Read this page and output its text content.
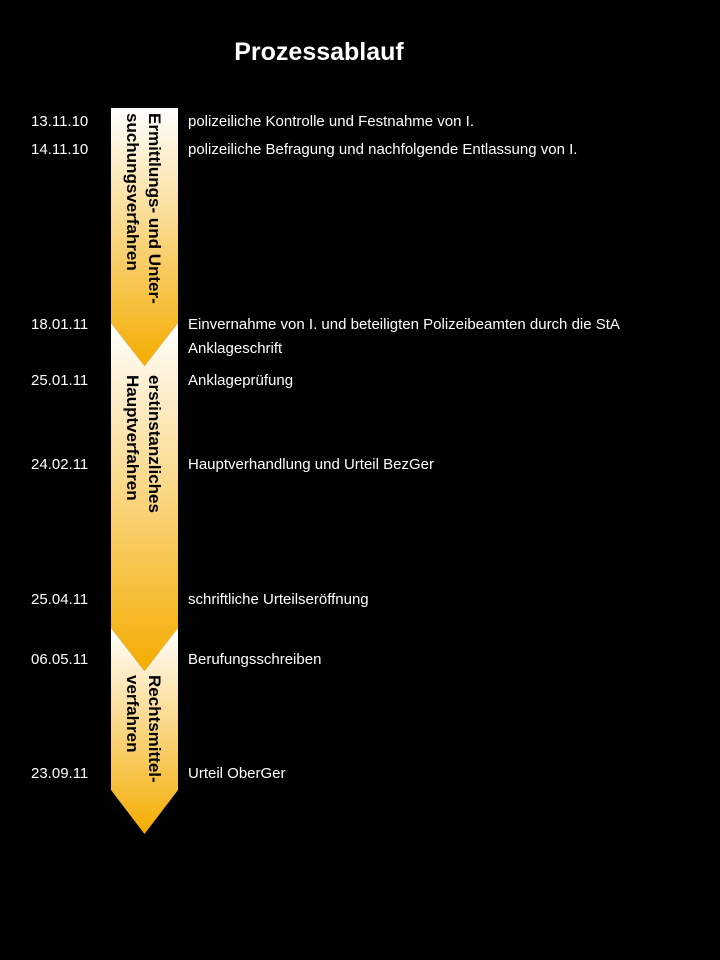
Prozessablauf
Ermittlungs- und Unter-
suchungsverfahren
erstinstanzliches
Hauptverfahren
Rechtsmittel-
verfahren
13.11.10	polizeiliche Kontrolle und Festnahme von I.
14.11.10	polizeiliche Befragung und nachfolgende Entlassung von I.
18.01.11	Einvernahme von I. und beteiligten Polizeibeamten durch die StA
Anklageschrift
25.01.11	Anklageprüfung
24.02.11	Hauptverhandlung und Urteil BezGer
25.04.11	schriftliche Urteilseröffnung
06.05.11	Berufungsschreiben
23.09.11	Urteil OberGer
